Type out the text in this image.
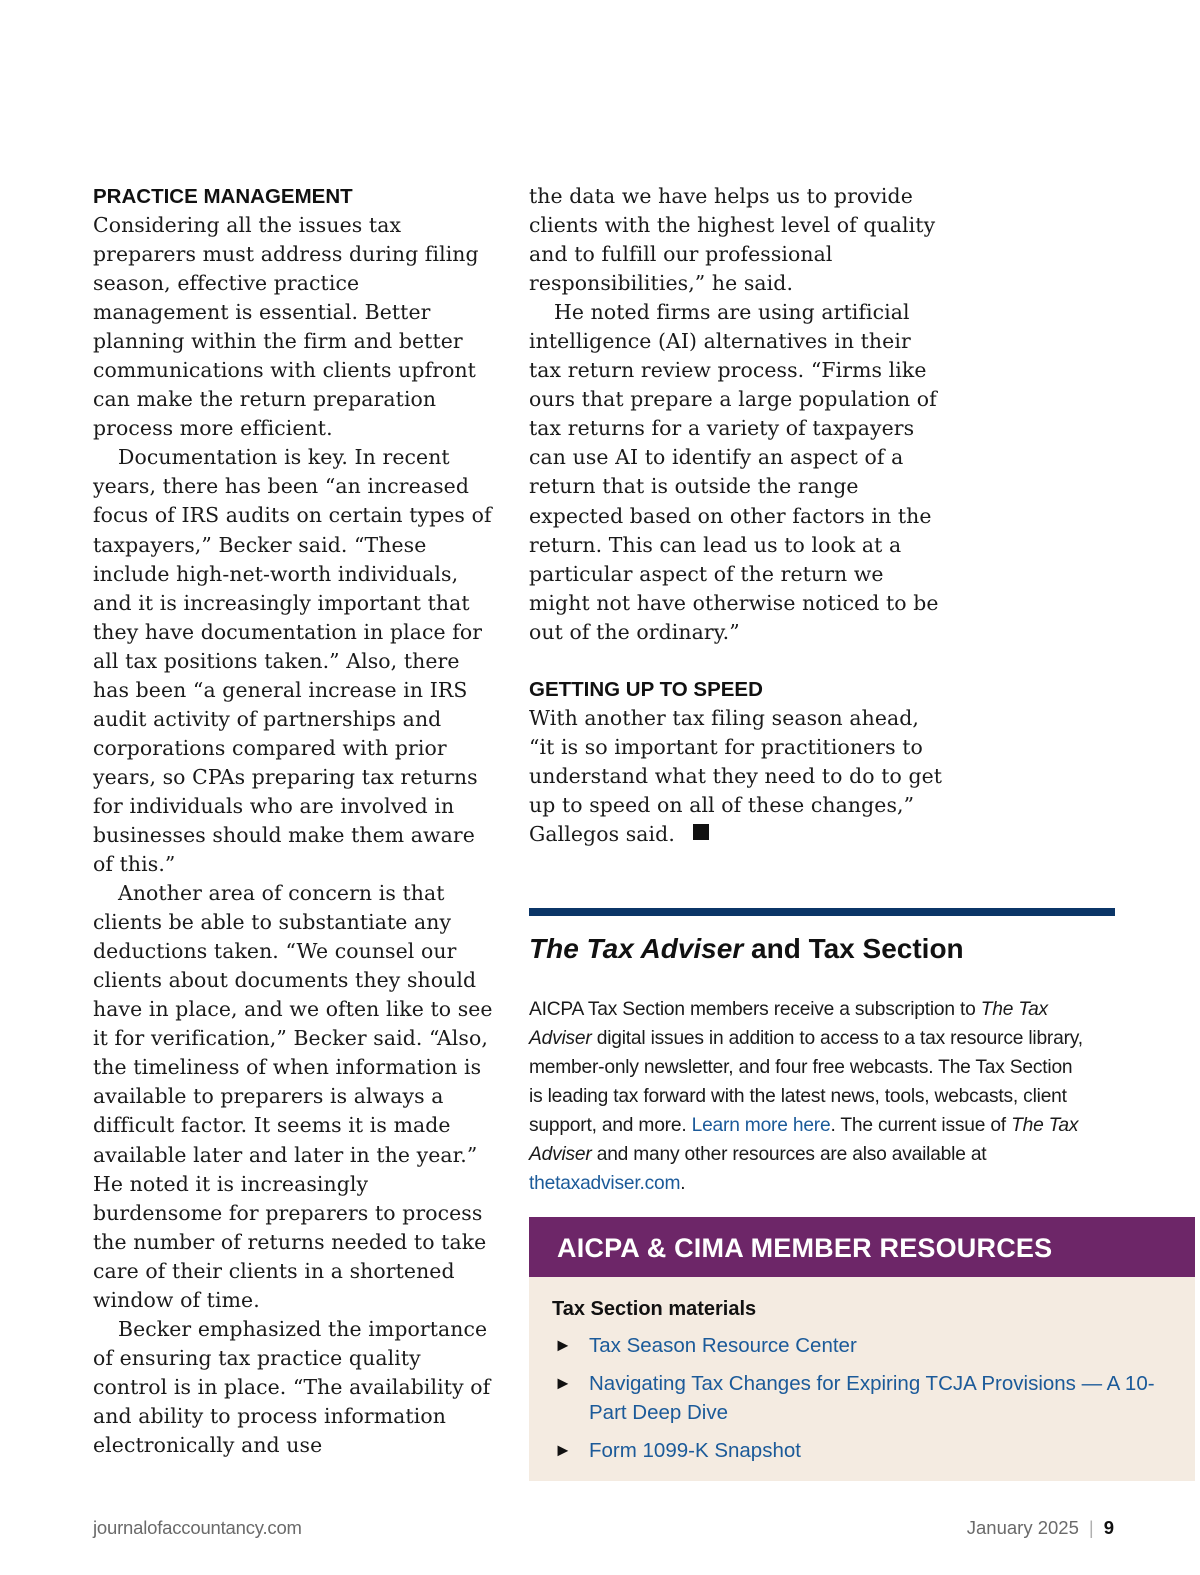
PRACTICE MANAGEMENT

Considering all the issues tax preparers must address during filing season, effective practice management is essential. Better planning within the firm and better communications with clients upfront can make the return preparation process more efficient.

Documentation is key. In recent years, there has been “an increased focus of IRS audits on certain types of taxpayers,” Becker said. “These include high-net-worth individuals, and it is increasingly important that they have documentation in place for all tax positions taken.” Also, there has been “a general increase in IRS audit activity of partnerships and corporations compared with prior years, so CPAs preparing tax returns for individuals who are involved in businesses should make them aware of this.”

Another area of concern is that clients be able to substantiate any deductions taken. “We counsel our clients about documents they should have in place, and we often like to see it for verification,” Becker said. “Also, the timeliness of when information is available to preparers is always a difficult factor. It seems it is made available later and later in the year.” He noted it is increasingly burdensome for preparers to process the number of returns needed to take care of their clients in a shortened window of time.

Becker emphasized the importance of ensuring tax practice quality control is in place. “The availability of and ability to process information electronically and use

the data we have helps us to provide clients with the highest level of quality and to fulfill our professional responsibilities,” he said.

He noted firms are using artificial intelligence (AI) alternatives in their tax return review process. “Firms like ours that prepare a large population of tax returns for a variety of taxpayers can use AI to identify an aspect of a return that is outside the range expected based on other factors in the return. This can lead us to look at a particular aspect of the return we might not have otherwise noticed to be out of the ordinary.”

GETTING UP TO SPEED

With another tax filing season ahead, “it is so important for practitioners to understand what they need to do to get up to speed on all of these changes,” Gallegos said.

The Tax Adviser and Tax Section
AICPA Tax Section members receive a subscription to The Tax Adviser digital issues in addition to access to a tax resource library, member-only newsletter, and four free webcasts. The Tax Section is leading tax forward with the latest news, tools, webcasts, client support, and more. Learn more here. The current issue of The Tax Adviser and many other resources are also available at thetaxadviser.com.
AICPA & CIMA MEMBER RESOURCES
Tax Section materials
► Tax Season Resource Center
► Navigating Tax Changes for Expiring TCJA Provisions — A 10-Part Deep Dive
► Form 1099-K Snapshot
journalofaccountancy.com	January 2025 | 9
